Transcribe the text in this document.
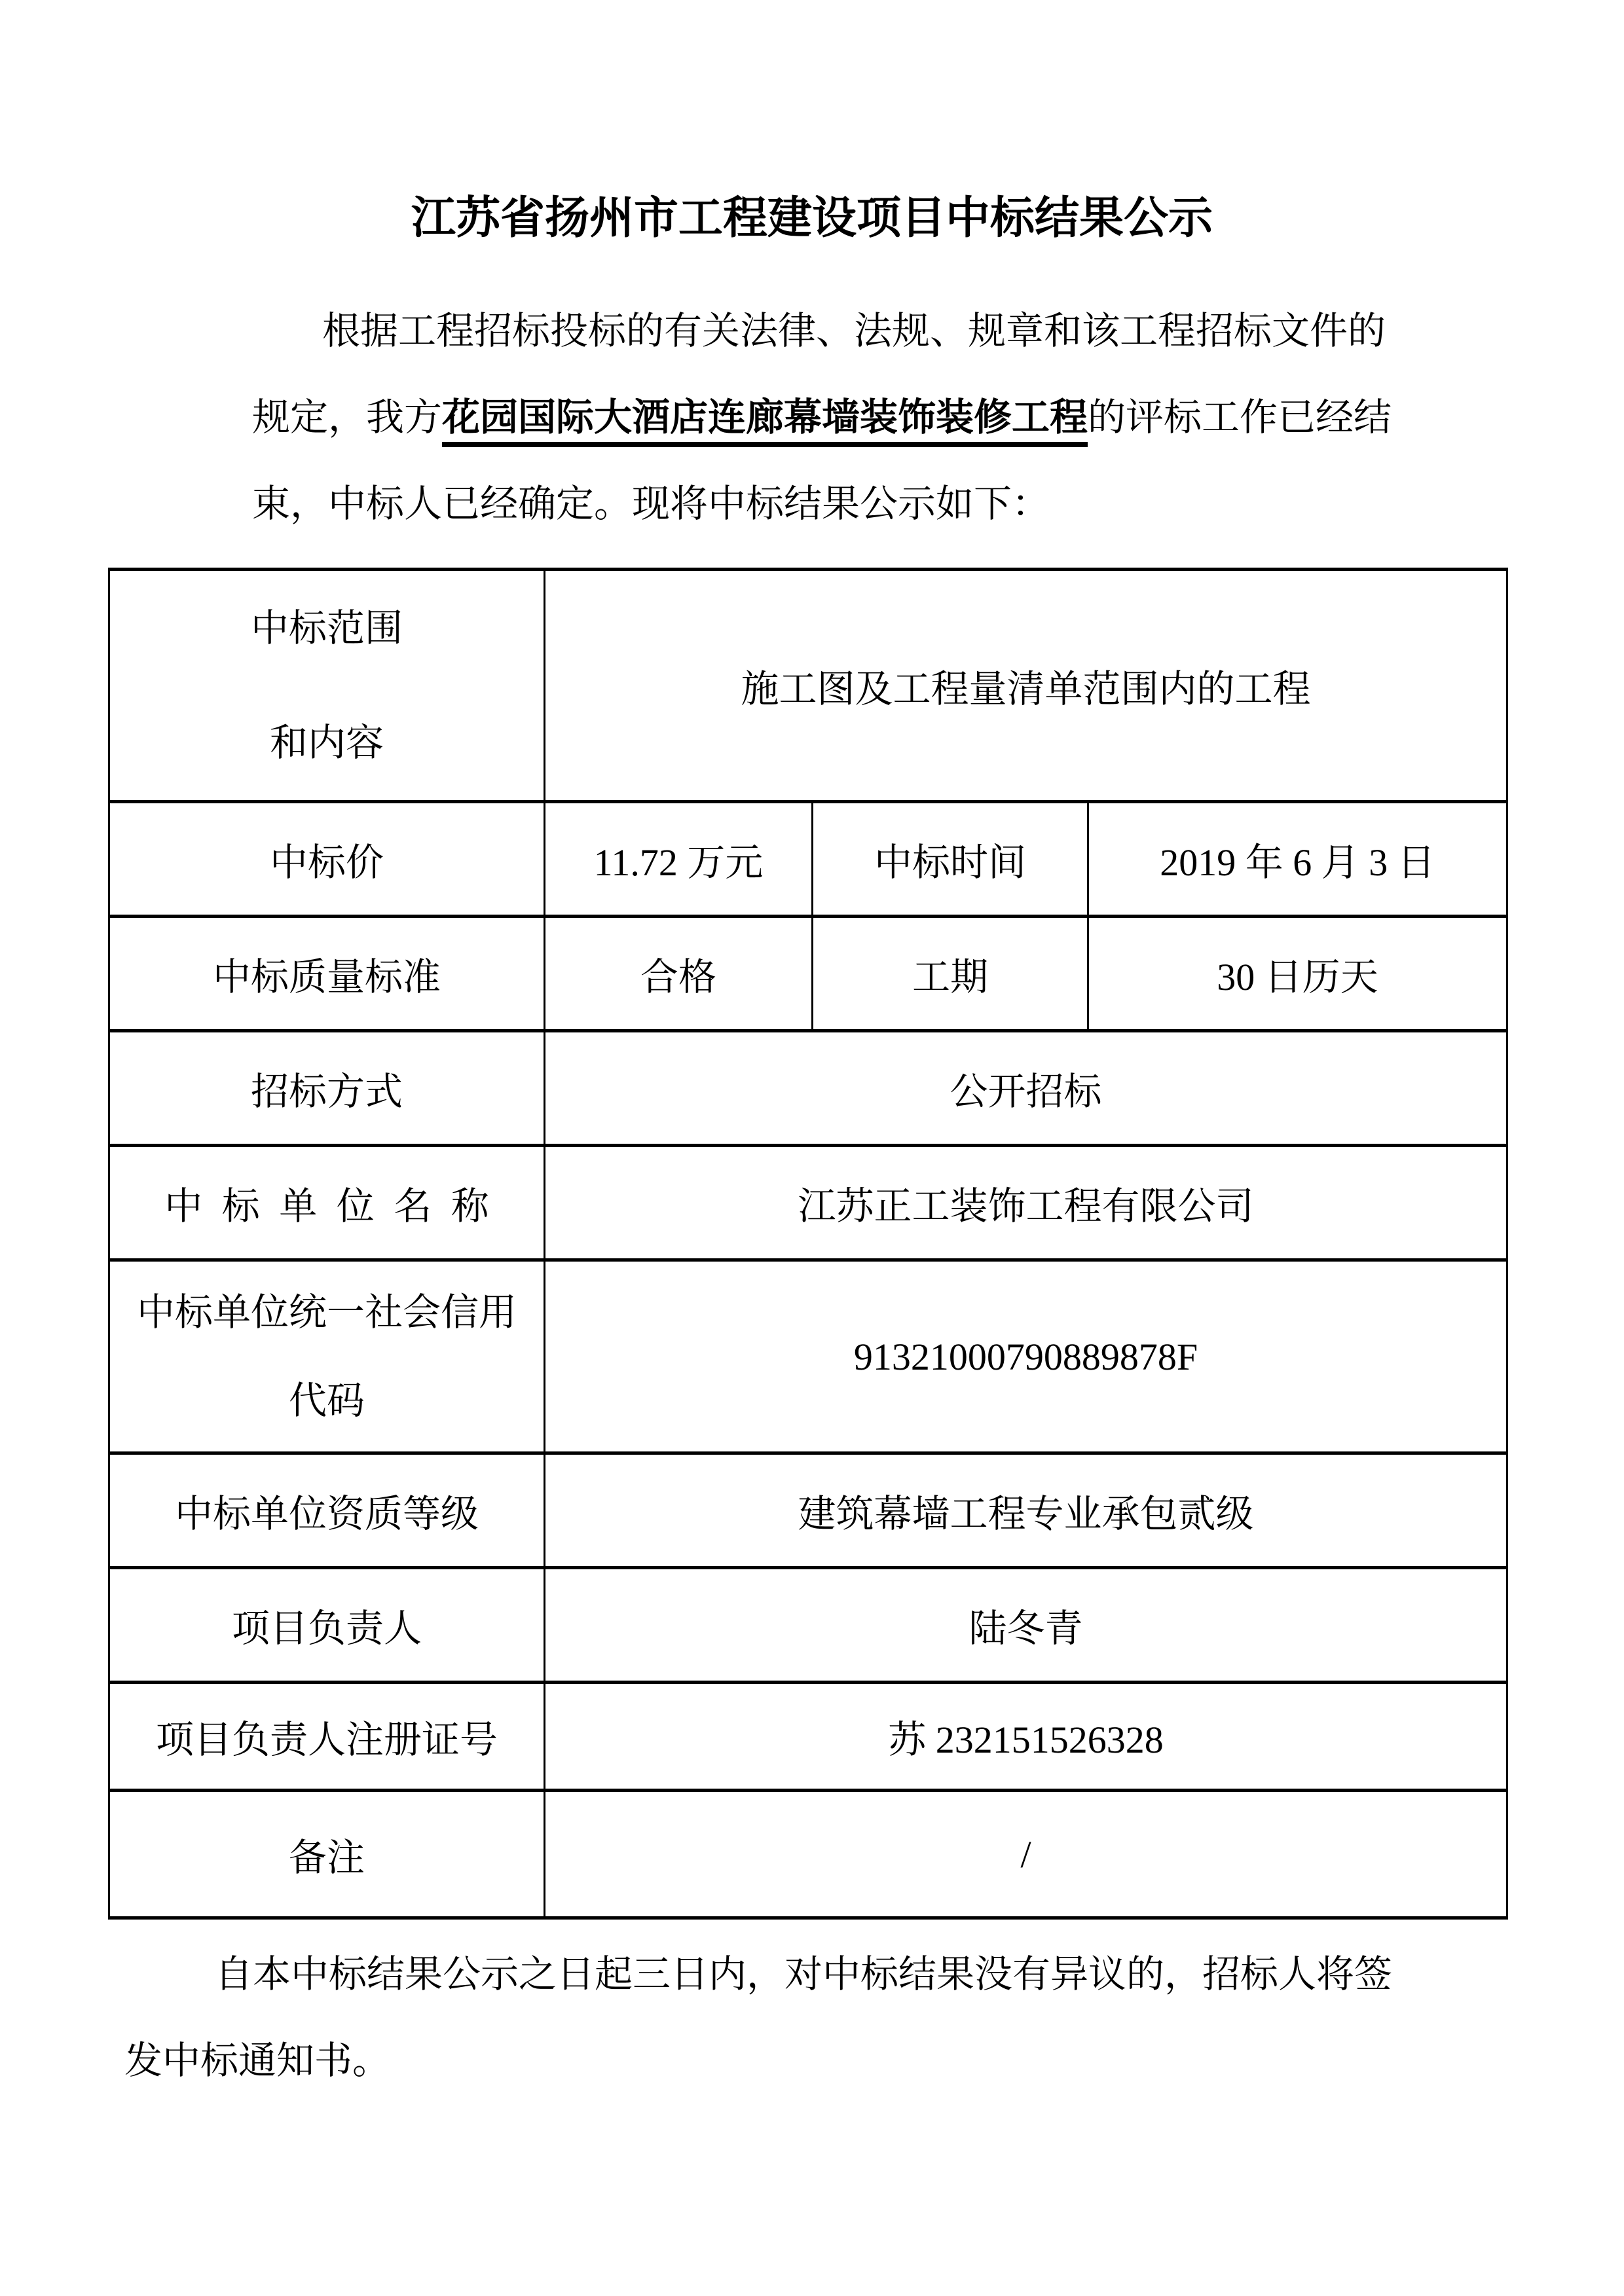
江苏省扬州市工程建设项目中标结果公示
根据工程招标投标的有关法律、法规、规章和该工程招标文件的
规定，我方花园国际大酒店连廊幕墙装饰装修工程的评标工作已经结
束，中标人已经确定。现将中标结果公示如下：
中标范围
和内容	施工图及工程量清单范围内的工程		
中标价	11.72 万元	中标时间	2019 年 6 月 3 日
中标质量标准	合格	工期	30 日历天
招标方式	公开招标		
中 标 单 位 名 称	江苏正工装饰工程有限公司		

中标单位统一社会信用
代码	91321000790889878F		
中标单位资质等级	建筑幕墙工程专业承包贰级		
项目负责人	陆冬青		
项目负责人注册证号	苏 232151526328		
备注	/		
自本中标结果公示之日起三日内，对中标结果没有异议的，招标人将签
发中标通知书。
